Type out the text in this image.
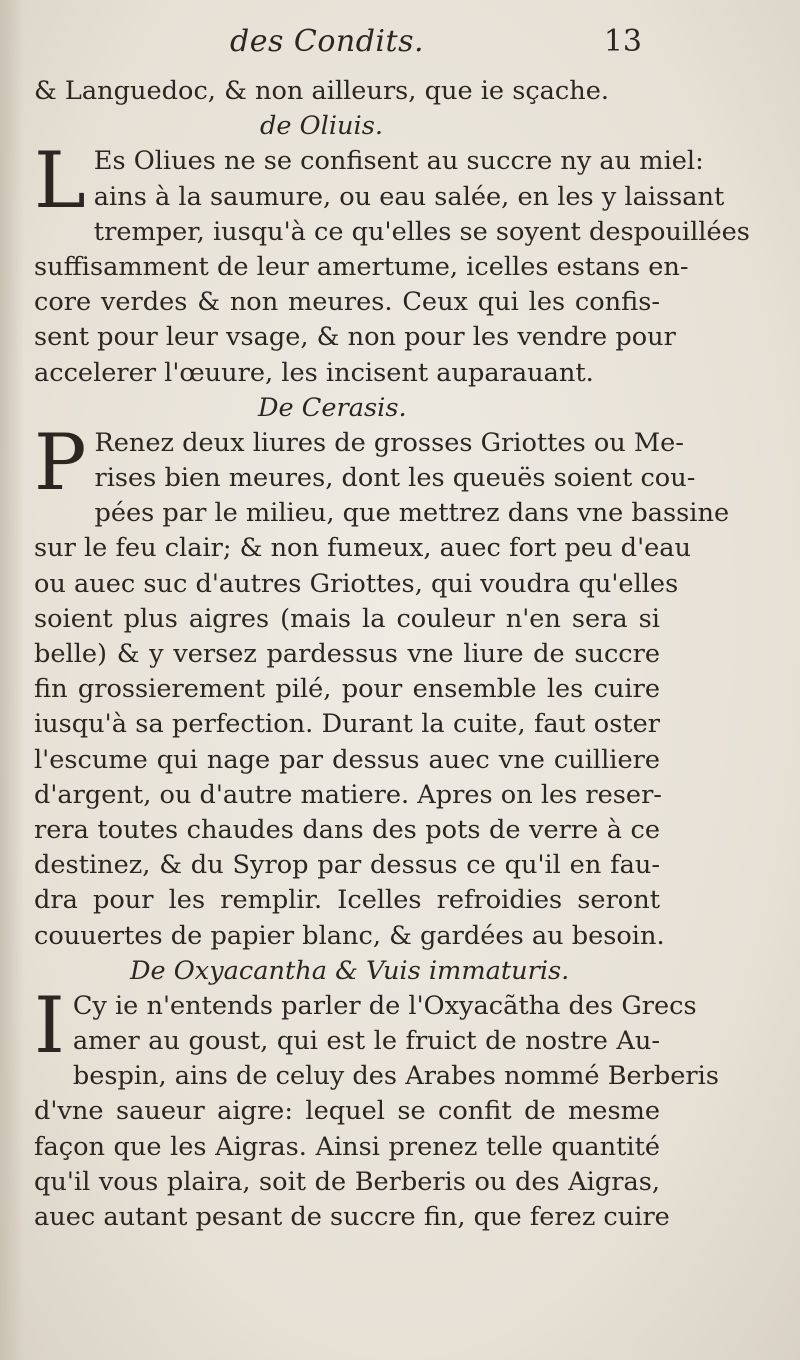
des Condits.	13
& Languedoc, & non ailleurs, que ie sçache.
de Oliuis.
L Es Oliues ne se confisent au succre ny au miel:
ains à la saumure, ou eau salée, en les y laissant
tremper, iusqu'à ce qu'elles se soyent despouillées
suffisamment de leur amertume, icelles estans en-
core verdes & non meures. Ceux qui les confis-
sent pour leur vsage, & non pour les vendre pour
accelerer l'œuure, les incisent auparauant.
De Cerasis.
P Renez deux liures de grosses Griottes ou Me-
rises bien meures, dont les queuës soient cou-
pées par le milieu, que mettrez dans vne bassine
sur le feu clair; & non fumeux, auec fort peu d'eau
ou auec suc d'autres Griottes, qui voudra qu'elles
soient plus aigres (mais la couleur n'en sera si
belle) & y versez pardessus vne liure de succre
fin grossierement pilé, pour ensemble les cuire
iusqu'à sa perfection. Durant la cuite, faut oster
l'escume qui nage par dessus auec vne cuilliere
d'argent, ou d'autre matiere. Apres on les reser-
rera toutes chaudes dans des pots de verre à ce
destinez, & du Syrop par dessus ce qu'il en fau-
dra pour les remplir. Icelles refroidies seront
couuertes de papier blanc, & gardées au besoin.
De Oxyacantha & Vuis immaturis.
I Cy ie n'entends parler de l'Oxyacãtha des Grecs
amer au goust, qui est le fruict de nostre Au-
bespin, ains de celuy des Arabes nommé Berberis
d'vne saueur aigre: lequel se confit de mesme
façon que les Aigras. Ainsi prenez telle quantité
qu'il vous plaira, soit de Berberis ou des Aigras,
auec autant pesant de succre fin, que ferez cuire
